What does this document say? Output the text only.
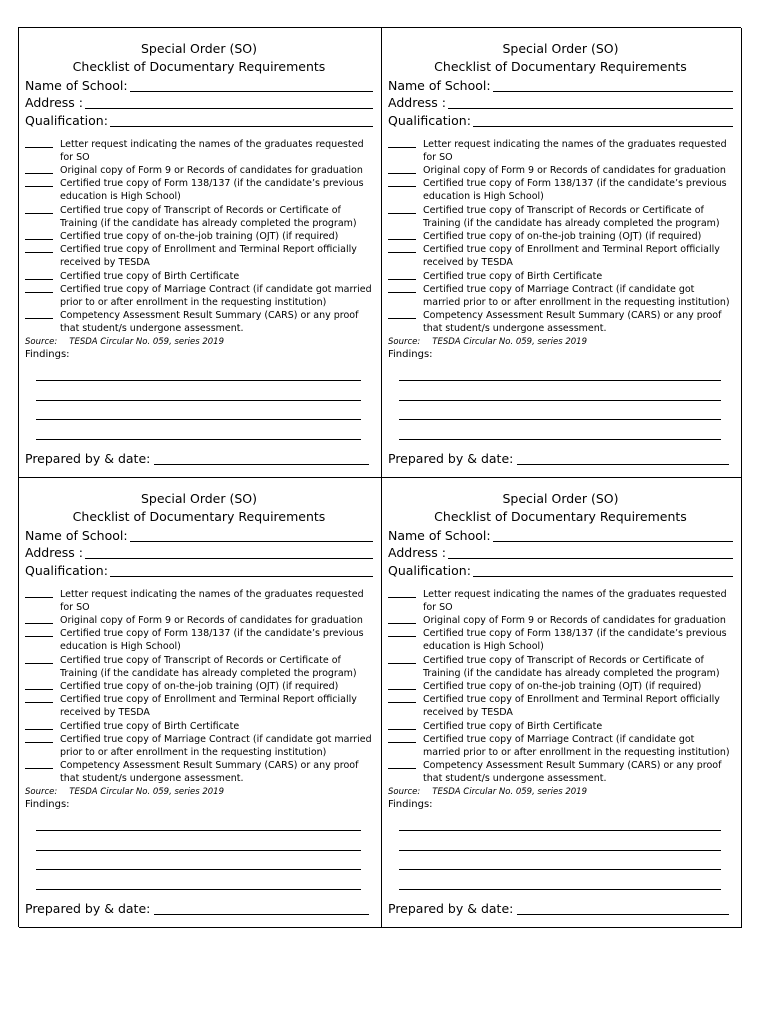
Special Order (SO)
Checklist of Documentary Requirements
Name of School:
Address :
Qualification:
Letter request indicating the names of the graduates requested for SO
Original copy of Form 9 or Records of candidates for graduation
Certified true copy of Form 138/137 (if the candidate’s previous education is High School)
Certified true copy of Transcript of Records or Certificate of Training (if the candidate has already completed the program)
Certified true copy of on-the-job training (OJT) (if required)
Certified true copy of Enrollment and Terminal Report officially received by TESDA
Certified true copy of Birth Certificate
Certified true copy of Marriage Contract (if candidate got married prior to or after enrollment in the requesting institution)
Competency Assessment Result Summary (CARS) or any proof that student/s undergone assessment.
Source: TESDA Circular No. 059, series 2019
Findings:
Prepared by & date:
Special Order (SO)
Checklist of Documentary Requirements
Name of School:
Address :
Qualification:
Letter request indicating the names of the graduates requested for SO
Original copy of Form 9 or Records of candidates for graduation
Certified true copy of Form 138/137 (if the candidate’s previous education is High School)
Certified true copy of Transcript of Records or Certificate of Training (if the candidate has already completed the program)
Certified true copy of on-the-job training (OJT) (if required)
Certified true copy of Enrollment and Terminal Report officially received by TESDA
Certified true copy of Birth Certificate
Certified true copy of Marriage Contract (if candidate got married prior to or after enrollment in the requesting institution)
Competency Assessment Result Summary (CARS) or any proof that student/s undergone assessment.
Source: TESDA Circular No. 059, series 2019
Findings:
Prepared by & date:
Special Order (SO)
Checklist of Documentary Requirements
Name of School:
Address :
Qualification:
Letter request indicating the names of the graduates requested for SO
Original copy of Form 9 or Records of candidates for graduation
Certified true copy of Form 138/137 (if the candidate’s previous education is High School)
Certified true copy of Transcript of Records or Certificate of Training (if the candidate has already completed the program)
Certified true copy of on-the-job training (OJT) (if required)
Certified true copy of Enrollment and Terminal Report officially received by TESDA
Certified true copy of Birth Certificate
Certified true copy of Marriage Contract (if candidate got married prior to or after enrollment in the requesting institution)
Competency Assessment Result Summary (CARS) or any proof that student/s undergone assessment.
Source: TESDA Circular No. 059, series 2019
Findings:
Prepared by & date:
Special Order (SO)
Checklist of Documentary Requirements
Name of School:
Address :
Qualification:
Letter request indicating the names of the graduates requested for SO
Original copy of Form 9 or Records of candidates for graduation
Certified true copy of Form 138/137 (if the candidate’s previous education is High School)
Certified true copy of Transcript of Records or Certificate of Training (if the candidate has already completed the program)
Certified true copy of on-the-job training (OJT) (if required)
Certified true copy of Enrollment and Terminal Report officially received by TESDA
Certified true copy of Birth Certificate
Certified true copy of Marriage Contract (if candidate got married prior to or after enrollment in the requesting institution)
Competency Assessment Result Summary (CARS) or any proof that student/s undergone assessment.
Source: TESDA Circular No. 059, series 2019
Findings:
Prepared by & date:
